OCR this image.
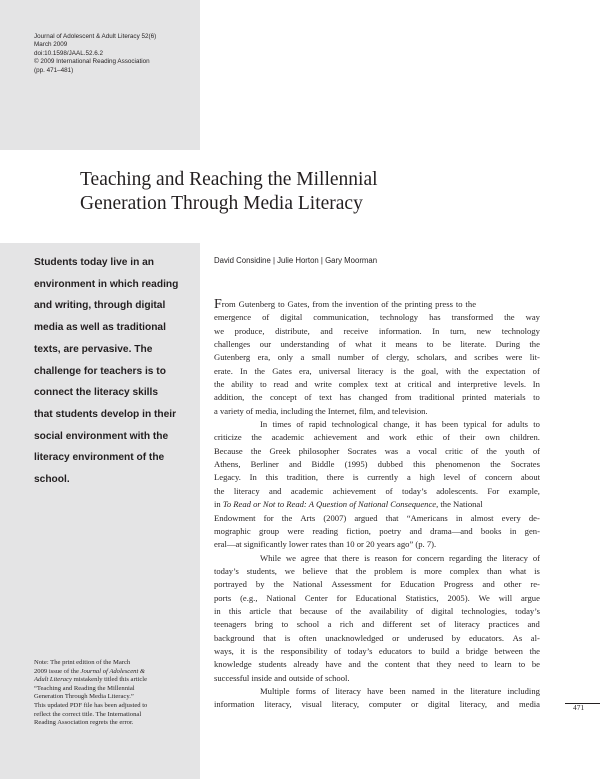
Journal of Adolescent & Adult Literacy 52(6)
March 2009
doi:10.1598/JAAL.52.6.2
© 2009 International Reading Association
(pp. 471–481)
Teaching and Reaching the Millennial
Generation Through Media Literacy
Students today live in an
environment in which reading
and writing, through digital
media as well as traditional
texts, are pervasive. The
challenge for teachers is to
connect the literacy skills
that students develop in their
social environment with the
literacy environment of the
school.
Note: The print edition of the March
2009 issue of the Journal of Adolescent &
Adult Literacy mistakenly titled this article
“Teaching and Reading the Millennial
Generation Through Media Literacy.”
This updated PDF file has been adjusted to
reflect the correct title. The International
Reading Association regrets the error.
David Considine | Julie Horton | Gary Moorman
F rom Gutenberg to Gates, from the invention of the printing press to the
emergence of digital communication, technology has transformed the way
we produce, distribute, and receive information. In turn, new technology
challenges our understanding of what it means to be literate. During the
Gutenberg era, only a small number of clergy, scholars, and scribes were lit-
erate. In the Gates era, universal literacy is the goal, with the expectation of
the ability to read and write complex text at critical and interpretive levels. In
addition, the concept of text has changed from traditional printed materials to
a variety of media, including the Internet, film, and television.
In times of rapid technological change, it has been typical for adults to
criticize the academic achievement and work ethic of their own children.
Because the Greek philosopher Socrates was a vocal critic of the youth of
Athens, Berliner and Biddle (1995) dubbed this phenomenon the Socrates
Legacy. In this tradition, there is currently a high level of concern about
the literacy and academic achievement of today’s adolescents. For example,
in To Read or Not to Read: A Question of National Consequence , the National
Endowment for the Arts (2007) argued that “Americans in almost every de-
mographic group were reading fiction, poetry and drama—and books in gen-
eral—at significantly lower rates than 10 or 20 years ago” (p. 7).
While we agree that there is reason for concern regarding the literacy of
today’s students, we believe that the problem is more complex than what is
portrayed by the National Assessment for Education Progress and other re-
ports (e.g., National Center for Educational Statistics, 2005). We will argue
in this article that because of the availability of digital technologies, today’s
teenagers bring to school a rich and different set of literacy practices and
background that is often unacknowledged or underused by educators. As al-
ways, it is the responsibility of today’s educators to build a bridge between the
knowledge students already have and the content that they need to learn to be
successful inside and outside of school.
Multiple forms of literacy have been named in the literature including
information literacy, visual literacy, computer or digital literacy, and media	471
